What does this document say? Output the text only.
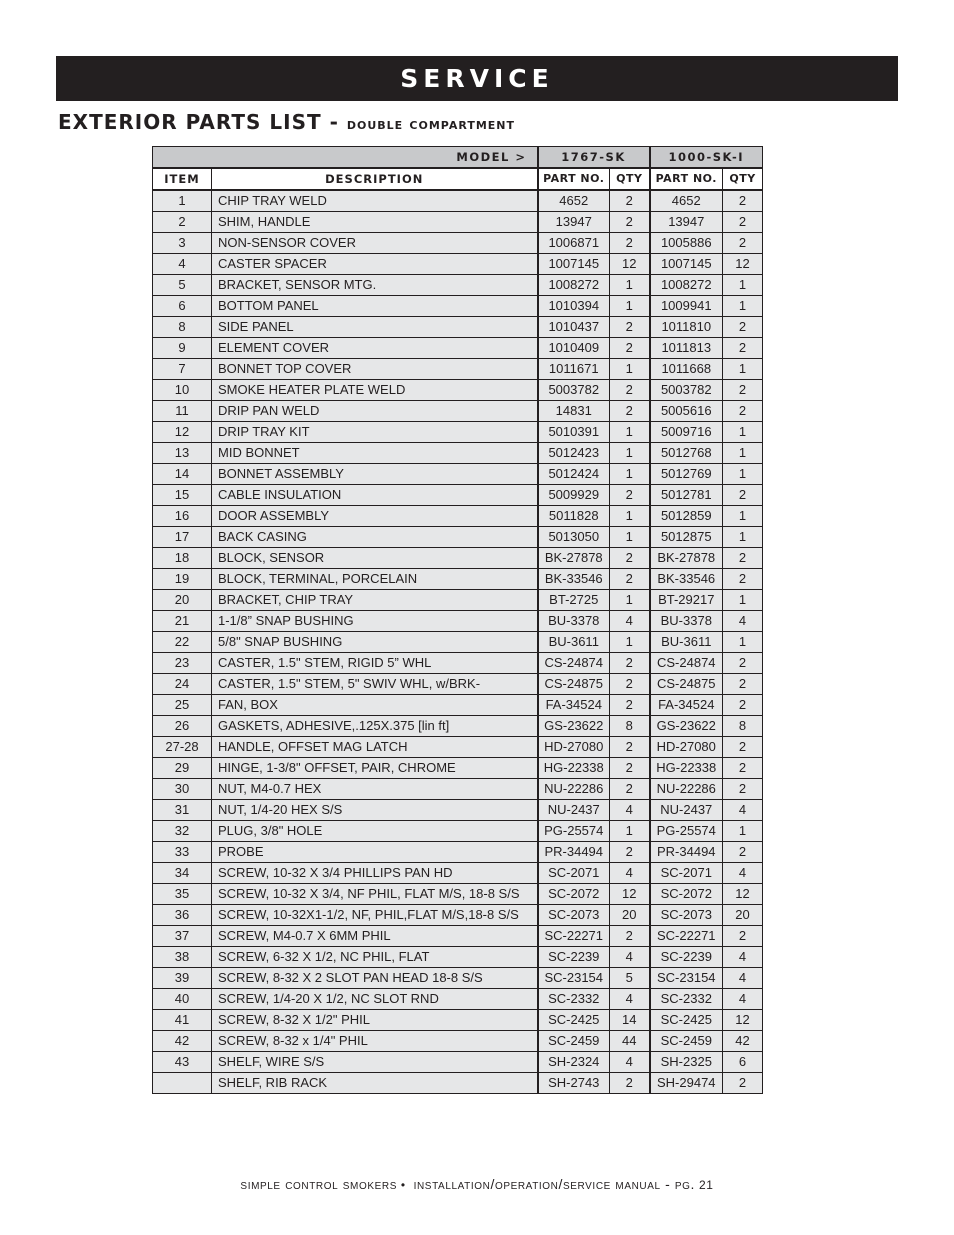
SERVICE
EXTERIOR PARTS LIST - double compartment
MODEL >		1767-SK		1000-SK-I	
ITEM	DESCRIPTION	PART NO.	QTY	PART NO.	QTY
1	CHIP TRAY WELD	4652	2	4652	2
2	SHIM, HANDLE	13947	2	13947	2
3	NON-SENSOR COVER	1006871	2	1005886	2
4	CASTER SPACER	1007145	12	1007145	12
5	BRACKET, SENSOR MTG.	1008272	1	1008272	1
6	BOTTOM PANEL	1010394	1	1009941	1
8	SIDE PANEL	1010437	2	1011810	2
9	ELEMENT COVER	1010409	2	1011813	2
7	BONNET TOP COVER	1011671	1	1011668	1
10	SMOKE HEATER PLATE WELD	5003782	2	5003782	2
11	DRIP PAN WELD	14831	2	5005616	2
12	DRIP TRAY KIT	5010391	1	5009716	1
13	MID BONNET	5012423	1	5012768	1
14	BONNET ASSEMBLY	5012424	1	5012769	1
15	CABLE INSULATION	5009929	2	5012781	2
16	DOOR ASSEMBLY	5011828	1	5012859	1
17	BACK CASING	5013050	1	5012875	1
18	BLOCK, SENSOR	BK-27878	2	BK-27878	2
19	BLOCK, TERMINAL, PORCELAIN	BK-33546	2	BK-33546	2
20	BRACKET, CHIP TRAY	BT-2725	1	BT-29217	1
21	1-1/8” SNAP BUSHING	BU-3378	4	BU-3378	4
22	5/8" SNAP BUSHING	BU-3611	1	BU-3611	1
23	CASTER, 1.5" STEM, RIGID 5” WHL	CS-24874	2	CS-24874	2
24	CASTER, 1.5" STEM, 5" SWIV WHL, w/BRK-	CS-24875	2	CS-24875	2
25	FAN, BOX	FA-34524	2	FA-34524	2
26	GASKETS, ADHESIVE,.125X.375 [lin ft]	GS-23622	8	GS-23622	8
27-28	HANDLE, OFFSET MAG LATCH	HD-27080	2	HD-27080	2
29	HINGE, 1-3/8" OFFSET, PAIR, CHROME	HG-22338	2	HG-22338	2
30	NUT, M4-0.7 HEX	NU-22286	2	NU-22286	2
31	NUT, 1/4-20 HEX S/S	NU-2437	4	NU-2437	4
32	PLUG, 3/8" HOLE	PG-25574	1	PG-25574	1
33	PROBE	PR-34494	2	PR-34494	2
34	SCREW, 10-32 X 3/4 PHILLIPS PAN HD	SC-2071	4	SC-2071	4
35	SCREW, 10-32 X 3/4, NF PHIL, FLAT M/S, 18-8 S/S	SC-2072	12	SC-2072	12
36	SCREW, 10-32X1-1/2, NF, PHIL,FLAT M/S,18-8 S/S	SC-2073	20	SC-2073	20
37	SCREW, M4-0.7 X 6MM PHIL	SC-22271	2	SC-22271	2
38	SCREW, 6-32 X 1/2, NC PHIL, FLAT	SC-2239	4	SC-2239	4
39	SCREW, 8-32 X 2 SLOT PAN HEAD 18-8 S/S	SC-23154	5	SC-23154	4
40	SCREW, 1/4-20 X 1/2, NC SLOT RND	SC-2332	4	SC-2332	4
41	SCREW, 8-32 X 1/2" PHIL	SC-2425	14	SC-2425	12
42	SCREW, 8-32 x 1/4" PHIL	SC-2459	44	SC-2459	42
43	SHELF, WIRE S/S	SH-2324	4	SH-2325	6
	SHELF, RIB RACK	SH-2743	2	SH-29474	2
simple control smokers • installation/operation/service manual - pg. 21
